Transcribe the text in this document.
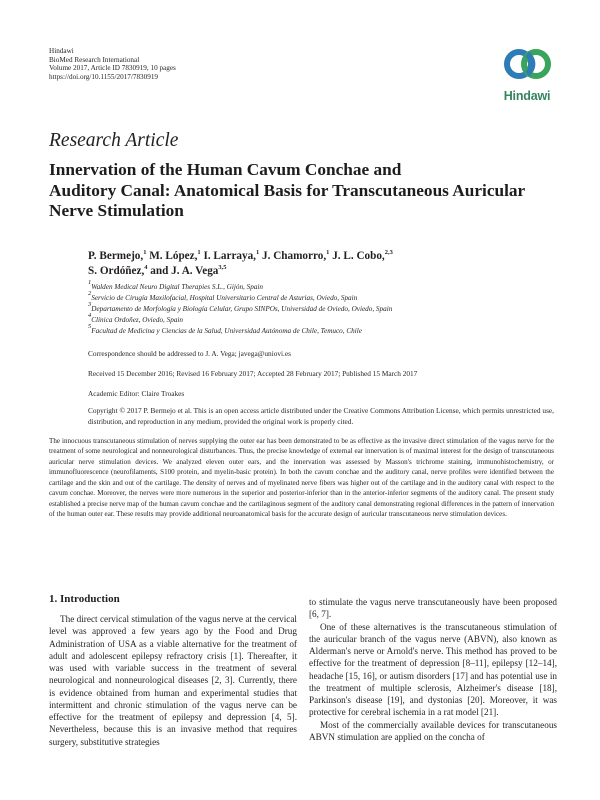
Hindawi
BioMed Research International
Volume 2017, Article ID 7830919, 10 pages
https://doi.org/10.1155/2017/7830919
Hindawi
Research Article
Innervation of the Human Cavum Conchae and
Auditory Canal: Anatomical Basis for Transcutaneous Auricular
Nerve Stimulation
P. Bermejo,$^1$ M. López,$^1$ I. Larraya,$^1$ J. Chamorro,$^1$ J. L. Cobo,$^{2,3}$
S. Ordóñez,$^4$ and J. A. Vega$^{3,5}$
$^1$Walden Medical Neuro Digital Therapies S.L., Gijón, Spain
$^2$Servicio de Cirugía Maxilofacial, Hospital Universitario Central de Asturias, Oviedo, Spain
$^3$Departamento de Morfología y Biología Celular, Grupo SINPOs, Universidad de Oviedo, Oviedo, Spain
$^4$Clínica Ordoñez, Oviedo, Spain
$^5$Facultad de Medicina y Ciencias de la Salud, Universidad Autónoma de Chile, Temuco, Chile
Correspondence should be addressed to J. A. Vega; javega@uniovi.es
Received 15 December 2016; Revised 16 February 2017; Accepted 28 February 2017; Published 15 March 2017
Academic Editor: Claire Troakes
Copyright © 2017 P. Bermejo et al. This is an open access article distributed under the Creative Commons Attribution License, which permits unrestricted use, distribution, and reproduction in any medium, provided the original work is properly cited.
The innocuous transcutaneous stimulation of nerves supplying the outer ear has been demonstrated to be as effective as the invasive direct stimulation of the vagus nerve for the treatment of some neurological and nonneurological disturbances. Thus, the precise knowledge of external ear innervation is of maximal interest for the design of transcutaneous auricular nerve stimulation devices. We analyzed eleven outer ears, and the innervation was assessed by Masson's trichrome staining, immunohistochemistry, or immunofluorescence (neurofilaments, S100 protein, and myelin-basic protein). In both the cavum conchae and the auditory canal, nerve profiles were identified between the cartilage and the skin and out of the cartilage. The density of nerves and of myelinated nerve fibers was higher out of the cartilage and in the auditory canal with respect to the cavum conchae. Moreover, the nerves were more numerous in the superior and posterior-inferior than in the anterior-inferior segments of the auditory canal. The present study established a precise nerve map of the human cavum conchae and the cartilaginous segment of the auditory canal demonstrating regional differences in the pattern of innervation of the human outer ear. These results may provide additional neuroanatomical basis for the accurate design of auricular transcutaneous nerve stimulation devices.
1. Introduction

The direct cervical stimulation of the vagus nerve at the cervical level was approved a few years ago by the Food and Drug Administration of USA as a viable alternative for the treatment of adult and adolescent epilepsy refractory crisis [1]. Thereafter, it was used with variable success in the treatment of several neurological and nonneurological diseases [2, 3]. Currently, there is evidence obtained from human and experimental studies that intermittent and chronic stimulation of the vagus nerve can be effective for the treatment of epilepsy and depression [4, 5]. Nevertheless, because this is an invasive method that requires surgery, substitutive strategies

to stimulate the vagus nerve transcutaneously have been proposed [6, 7].

One of these alternatives is the transcutaneous stimulation of the auricular branch of the vagus nerve (ABVN), also known as Alderman's nerve or Arnold's nerve. This method has proved to be effective for the treatment of depression [8–11], epilepsy [12–14], headache [15, 16], or autism disorders [17] and has potential use in the treatment of multiple sclerosis, Alzheimer's disease [18], Parkinson's disease [19], and dystonias [20]. Moreover, it was protective for cerebral ischemia in a rat model [21].

Most of the commercially available devices for transcutaneous ABVN stimulation are applied on the concha of
